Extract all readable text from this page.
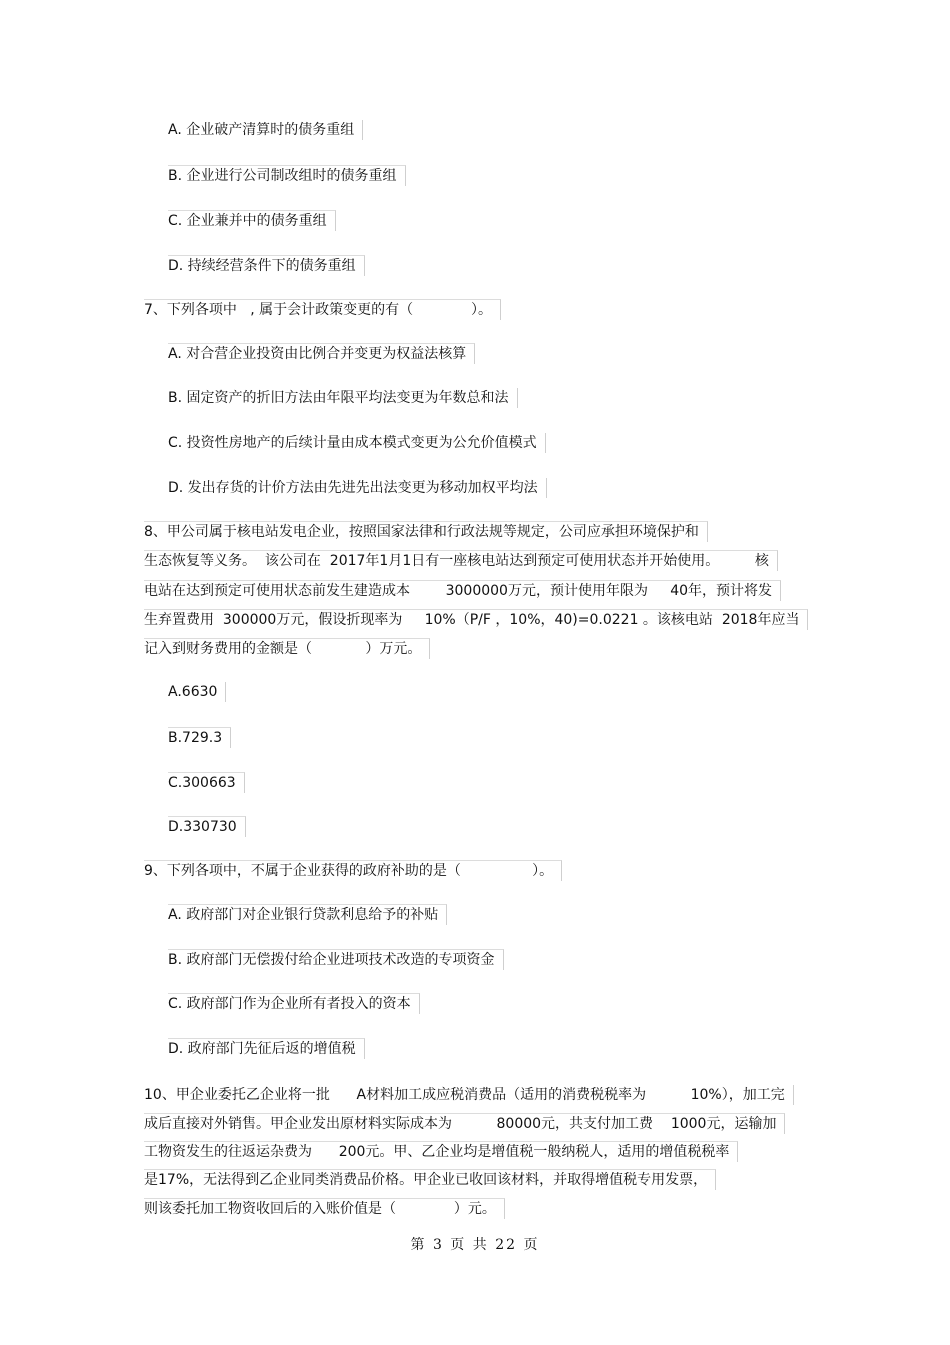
A. 企业破产清算时的债务重组
B. 企业进行公司制改组时的债务重组
C. 企业兼并中的债务重组
D. 持续经营条件下的债务重组
7、下列各项中   , 属于会计政策变更的有（             ）。
A. 对合营企业投资由比例合并变更为权益法核算
B. 固定资产的折旧方法由年限平均法变更为年数总和法
C. 投资性房地产的后续计量由成本模式变更为公允价值模式
D. 发出存货的计价方法由先进先出法变更为移动加权平均法
8、甲公司属于核电站发电企业，按照国家法律和行政法规等规定，公司应承担环境保护和
生态恢复等义务。  该公司在  2017年1月1日有一座核电站达到预定可使用状态并开始使用。        核
电站在达到预定可使用状态前发生建造成本        3000000万元，预计使用年限为     40年，预计将发
生弃置费用  300000万元，假设折现率为     10%（P/F ，10%，40)=0.0221 。该核电站  2018年应当
记入到财务费用的金额是（            ）万元。
A.6630
B.729.3
C.300663
D.330730
9、下列各项中，不属于企业获得的政府补助的是（                ）。
A. 政府部门对企业银行贷款利息给予的补贴
B. 政府部门无偿拨付给企业进项技术改造的专项资金
C. 政府部门作为企业所有者投入的资本
D. 政府部门先征后返的增值税
10、甲企业委托乙企业将一批      A材料加工成应税消费品（适用的消费税税率为          10%），加工完
成后直接对外销售。甲企业发出原材料实际成本为          80000元，共支付加工费    1000元，运输加
工物资发生的往返运杂费为      200元。甲、乙企业均是增值税一般纳税人，适用的增值税税率
是17%，无法得到乙企业同类消费品价格。甲企业已收回该材料，并取得增值税专用发票，
则该委托加工物资收回后的入账价值是（             ）元。
第 3 页 共 22 页
